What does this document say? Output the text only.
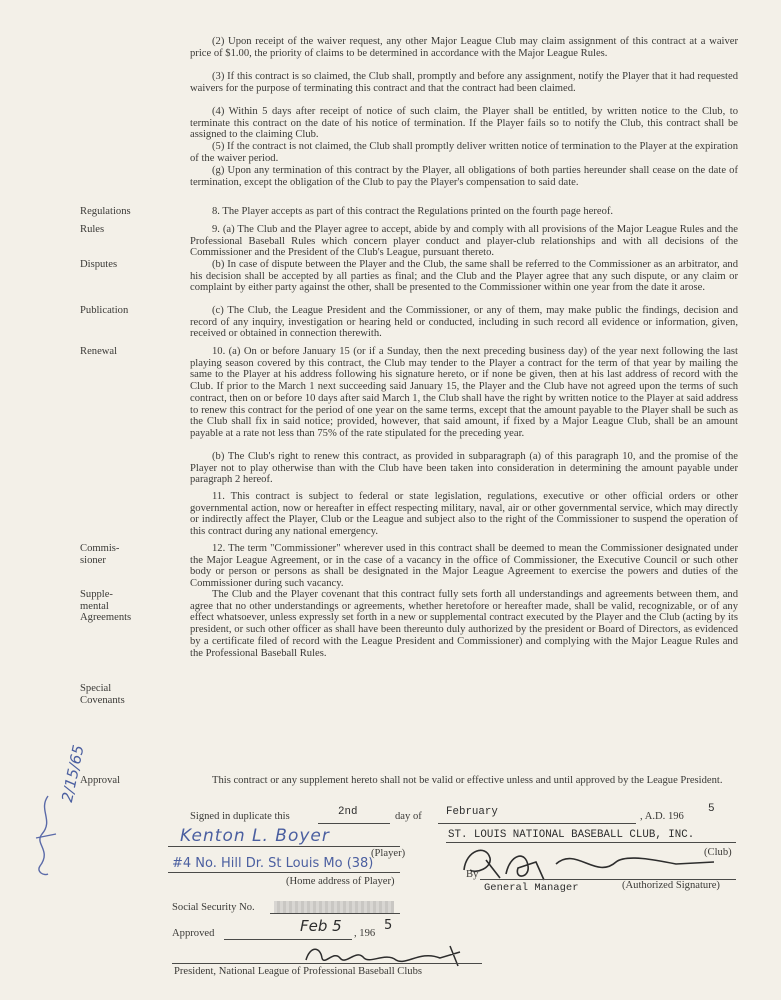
(2) Upon receipt of the waiver request, any other Major League Club may claim assignment of this contract at a waiver price of $1.00, the priority of claims to be determined in accordance with the Major League Rules.

(3) If this contract is so claimed, the Club shall, promptly and before any assignment, notify the Player that it had requested waivers for the purpose of terminating this contract and that the contract had been claimed.

(4) Within 5 days after receipt of notice of such claim, the Player shall be entitled, by written notice to the Club, to terminate this contract on the date of his notice of termination. If the Player fails so to notify the Club, this contract shall be assigned to the claiming Club.

(5) If the contract is not claimed, the Club shall promptly deliver written notice of termination to the Player at the expiration of the waiver period.

(g) Upon any termination of this contract by the Player, all obligations of both parties hereunder shall cease on the date of termination, except the obligation of the Club to pay the Player's compensation to said date.

Regulations	8. The Player accepts as part of this contract the Regulations printed on the fourth page hereof.

Rules	9. (a) The Club and the Player agree to accept, abide by and comply with all provisions of the Major League Rules and the Professional Baseball Rules which concern player conduct and player-club relationships and with all decisions of the Commissioner and the President of the Club's League, pursuant thereto.

Disputes	(b) In case of dispute between the Player and the Club, the same shall be referred to the Commissioner as an arbitrator, and his decision shall be accepted by all parties as final; and the Club and the Player agree that any such dispute, or any claim or complaint by either party against the other, shall be presented to the Commissioner within one year from the date it arose.

Publication	(c) The Club, the League President and the Commissioner, or any of them, may make public the findings, decision and record of any inquiry, investigation or hearing held or conducted, including in such record all evidence or information, given, received or obtained in connection therewith.

Renewal	10. (a) On or before January 15 (or if a Sunday, then the next preceding business day) of the year next following the last playing season covered by this contract, the Club may tender to the Player a contract for the term of that year by mailing the same to the Player at his address following his signature hereto, or if none be given, then at his last address of record with the Club. If prior to the March 1 next succeeding said January 15, the Player and the Club have not agreed upon the terms of such contract, then on or before 10 days after said March 1, the Club shall have the right by written notice to the Player at said address to renew this contract for the period of one year on the same terms, except that the amount payable to the Player shall be such as the Club shall fix in said notice; provided, however, that said amount, if fixed by a Major League Club, shall be an amount payable at a rate not less than 75% of the rate stipulated for the preceding year.

(b) The Club's right to renew this contract, as provided in subparagraph (a) of this paragraph 10, and the promise of the Player not to play otherwise than with the Club have been taken into consideration in determining the amount payable under paragraph 2 hereof.

11. This contract is subject to federal or state legislation, regulations, executive or other official orders or other governmental action, now or hereafter in effect respecting military, naval, air or other governmental service, which may directly or indirectly affect the Player, Club or the League and subject also to the right of the Commissioner to suspend the operation of this contract during any national emergency.

Commis-
sioner

12. The term "Commissioner" wherever used in this contract shall be deemed to mean the Commissioner designated under the Major League Agreement, or in the case of a vacancy in the office of Commissioner, the Executive Council or such other body or person or persons as shall be designated in the Major League Agreement to exercise the powers and duties of the Commissioner during such vacancy.

Supple-
mental
Agreements

The Club and the Player covenant that this contract fully sets forth all understandings and agreements between them, and agree that no other understandings or agreements, whether heretofore or hereafter made, shall be valid, recognizable, or of any effect whatsoever, unless expressly set forth in a new or supplemental contract executed by the Player and the Club (acting by its president, or such other officer as shall have been thereunto duly authorized by the president or Board of Directors, as evidenced by a certificate filed of record with the League President and Commissioner) and complying with the Major League Rules and the Professional Baseball Rules.

Special
Covenants

Approval	This contract or any supplement hereto shall not be valid or effective unless and until approved by the League President.

2/15/65
Signed in duplicate this	2nd	day of February	, A.D. 196
5
Kenton L. Boyer
(Player)
ST. LOUIS NATIONAL BASEBALL CLUB, INC.
(Club)
#4 No. Hill Dr. St Louis Mo (38)
(Home address of Player)
By
General Manager	(Authorized Signature)
Social Security No.
Approved	Feb 5 , 196
5
President, National League of Professional Baseball Clubs
